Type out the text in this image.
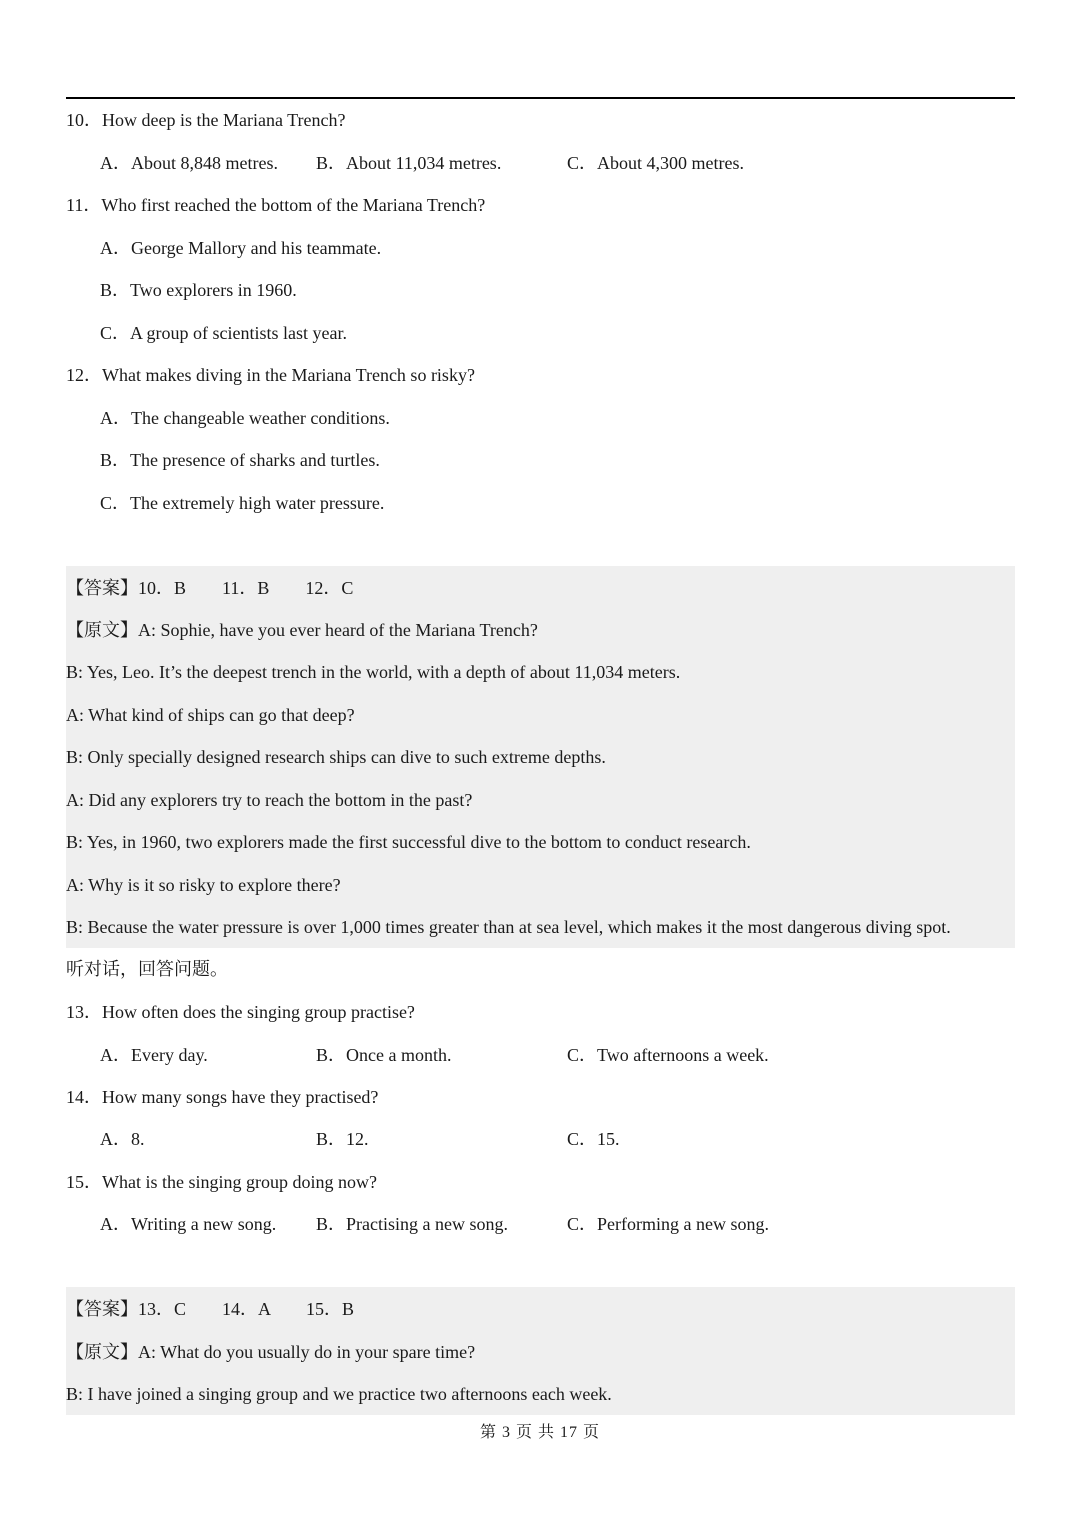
10．How deep is the Mariana Trench?
A．About 8,848 metres. B．About 11,034 metres.	C．About 4,300 metres.
11．Who first reached the bottom of the Mariana Trench?
A．George Mallory and his teammate.
B．Two explorers in 1960.
C．A group of scientists last year.
12．What makes diving in the Mariana Trench so risky?
A．The changeable weather conditions.
B．The presence of sharks and turtles.
C．The extremely high water pressure.
【答案】10．B　　11．B　　12．C
【原文】A: Sophie, have you ever heard of the Mariana Trench?
B: Yes, Leo. It’s the deepest trench in the world, with a depth of about 11,034 meters.
A: What kind of ships can go that deep?
B: Only specially designed research ships can dive to such extreme depths.
A: Did any explorers try to reach the bottom in the past?
B: Yes, in 1960, two explorers made the first successful dive to the bottom to conduct research.
A: Why is it so risky to explore there?
B: Because the water pressure is over 1,000 times greater than at sea level, which makes it the most dangerous diving spot.
听对话，回答问题。
13．How often does the singing group practise?
A．Every day.	B．Once a month.	C．Two afternoons a week.
14．How many songs have they practised?
A．8.	B．12.	C．15.
15．What is the singing group doing now?
A．Writing a new song. B．Practising a new song.	C．Performing a new song.
【答案】13．C　　14．A　　15．B
【原文】A: What do you usually do in your spare time?
B: I have joined a singing group and we practice two afternoons each week.
第 3 页 共 17 页
